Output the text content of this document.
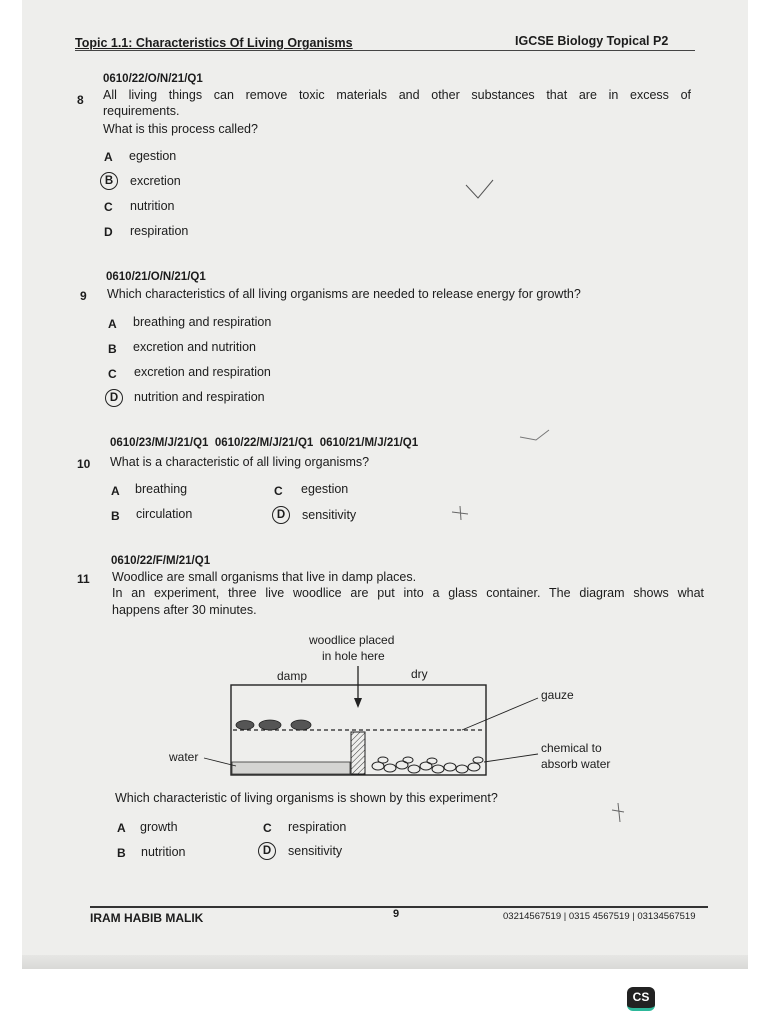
Topic 1.1: Characteristics Of Living Organisms	IGCSE Biology Topical P2
0610/22/O/N/21/Q1
8 All living things can remove toxic materials and other substances that are in excess of
requirements.
What is this process called?
A egestion
B	excretion
C nutrition
D respiration
0610/21/O/N/21/Q1
9 Which characteristics of all living organisms are needed to release energy for growth?
A breathing and respiration
B excretion and nutrition
C excretion and respiration
D	nutrition and respiration
0610/23/M/J/21/Q1  0610/22/M/J/21/Q1  0610/21/M/J/21/Q1
10 What is a characteristic of all living organisms?
A breathing
B circulation
C egestion
D	sensitivity
0610/22/F/M/21/Q1
11 Woodlice are small organisms that live in damp places.
In an experiment, three live woodlice are put into a glass container. The diagram shows what
happens after 30 minutes.
woodlice placed
in hole here
damp	dry
gauze
water
chemical to
absorb water
Which characteristic of living organisms is shown by this experiment?
A growth
B nutrition
C respiration
D	sensitivity
IRAM HABIB MALIK	9	03214567519 | 0315 4567519 | 03134567519
CS
